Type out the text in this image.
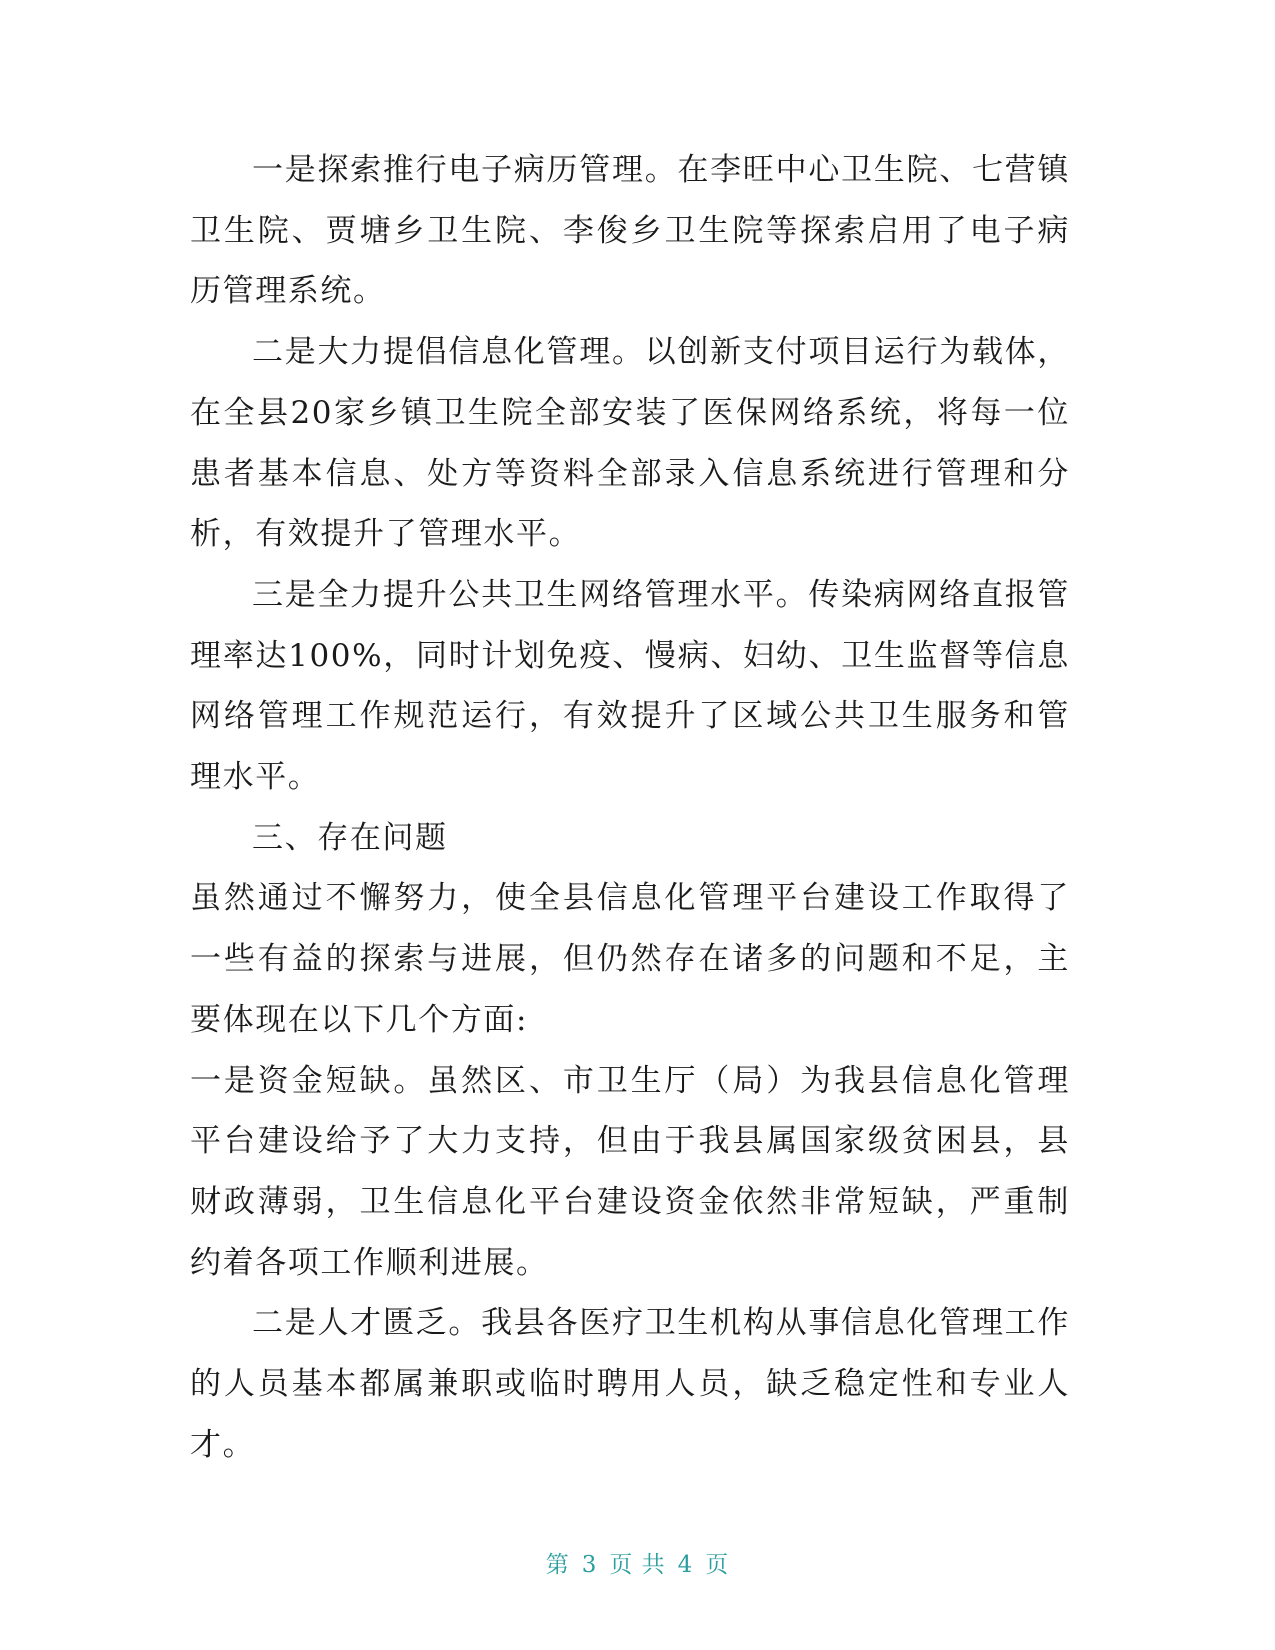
一是探索推行电子病历管理。在李旺中心卫生院、七营镇卫生院、贾塘乡卫生院、李俊乡卫生院等探索启用了电子病历管理系统。

二是大力提倡信息化管理。以创新支付项目运行为载体，在全县20家乡镇卫生院全部安装了医保网络系统，将每一位患者基本信息、处方等资料全部录入信息系统进行管理和分析，有效提升了管理水平。

三是全力提升公共卫生网络管理水平。传染病网络直报管理率达100%，同时计划免疫、慢病、妇幼、卫生监督等信息网络管理工作规范运行，有效提升了区域公共卫生服务和管理水平。

三、存在问题

虽然通过不懈努力，使全县信息化管理平台建设工作取得了一些有益的探索与进展，但仍然存在诸多的问题和不足，主要体现在以下几个方面:

一是资金短缺。虽然区、市卫生厅（局）为我县信息化管理平台建设给予了大力支持，但由于我县属国家级贫困县，县财政薄弱，卫生信息化平台建设资金依然非常短缺，严重制约着各项工作顺利进展。

二是人才匮乏。我县各医疗卫生机构从事信息化管理工作的人员基本都属兼职或临时聘用人员，缺乏稳定性和专业人才。

第 3 页 共 4 页
